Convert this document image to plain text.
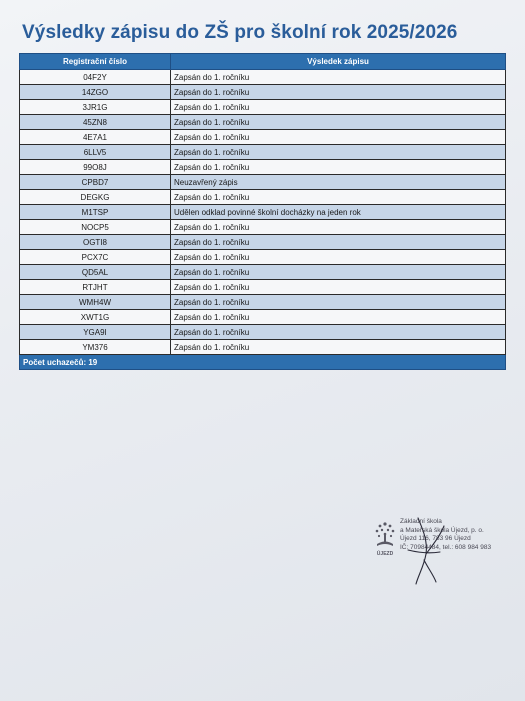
Výsledky zápisu do ZŠ pro školní rok 2025/2026
Registrační číslo	Výsledek zápisu
04F2Y	Zapsán do 1. ročníku
14ZGO	Zapsán do 1. ročníku
3JR1G	Zapsán do 1. ročníku
45ZN8	Zapsán do 1. ročníku
4E7A1	Zapsán do 1. ročníku
6LLV5	Zapsán do 1. ročníku
99O8J	Zapsán do 1. ročníku
CPBD7	Neuzavřený zápis
DEGKG	Zapsán do 1. ročníku
M1TSP	Udělen odklad povinné školní docházky na jeden rok
NOCP5	Zapsán do 1. ročníku
OGTI8	Zapsán do 1. ročníku
PCX7C	Zapsán do 1. ročníku
QD5AL	Zapsán do 1. ročníku
RTJHT	Zapsán do 1. ročníku
WMH4W	Zapsán do 1. ročníku
XWT1G	Zapsán do 1. ročníku
YGA9I	Zapsán do 1. ročníku
YM376	Zapsán do 1. ročníku
Počet uchazečů: 19	
ÚJEZD
Základní škola
a Mateřská škola Újezd, p. o.
Újezd 116, 783 96 Újezd
IČ: 70984484, tel.: 608 984 983
